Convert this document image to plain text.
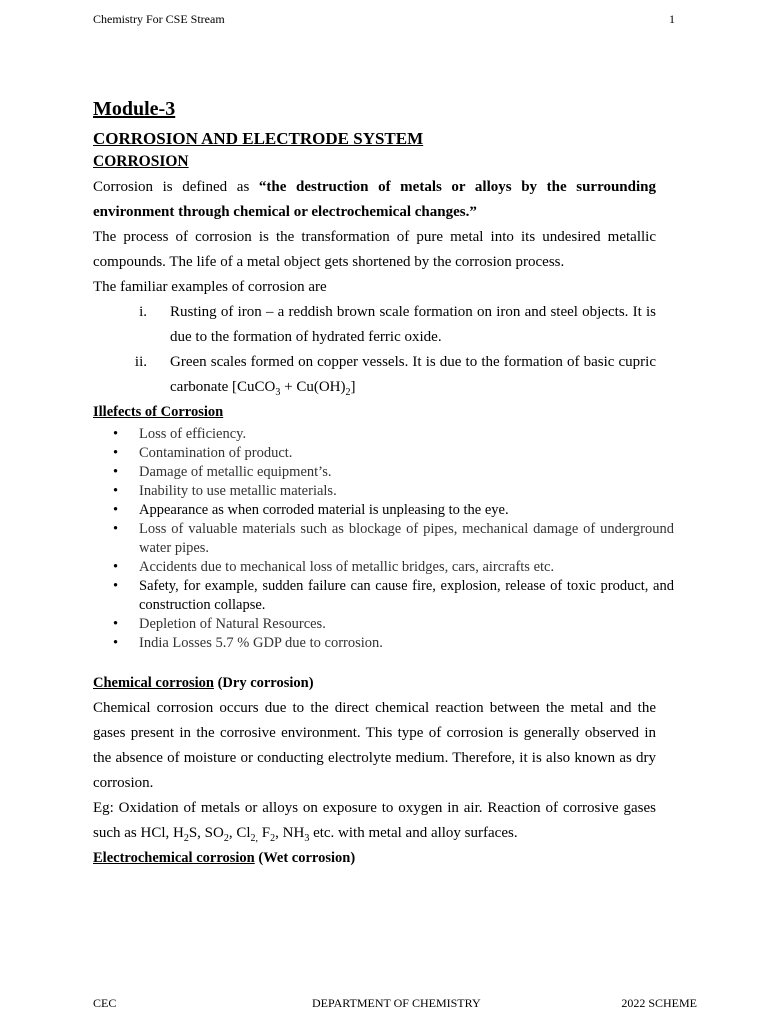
Chemistry For CSE Stream	1
Module-3
CORROSION AND ELECTRODE SYSTEM
CORROSION

Corrosion is defined as “the destruction of metals or alloys by the surrounding environment through chemical or electrochemical changes.”

The process of corrosion is the transformation of pure metal into its undesired metallic compounds. The life of a metal object gets shortened by the corrosion process.

The familiar examples of corrosion are

i. Rusting of iron – a reddish brown scale formation on iron and steel objects. It is due to the formation of hydrated ferric oxide.
ii. Green scales formed on copper vessels. It is due to the formation of basic cupric carbonate [CuCO$_3$ + $Cu(OH)_2$]
Illefects of Corrosion
• Loss of efficiency.
• Contamination of product.
• Damage of metallic equipment’s.
• Inability to use metallic materials.
• Appearance as when corroded material is unpleasing to the eye.
• Loss of valuable materials such as blockage of pipes, mechanical damage of underground water pipes.
• Accidents due to mechanical loss of metallic bridges, cars, aircrafts etc.
• Safety, for example, sudden failure can cause fire, explosion, release of toxic product, and construction collapse.
• Depletion of Natural Resources.
• India Losses 5.7 % GDP due to corrosion.
Chemical corrosion (Dry corrosion)

Chemical corrosion occurs due to the direct chemical reaction between the metal and the gases present in the corrosive environment. This type of corrosion is generally observed in the absence of moisture or conducting electrolyte medium. Therefore, it is also known as dry corrosion.

Eg: Oxidation of metals or alloys on exposure to oxygen in air. Reaction of corrosive gases such as HCl, $H_2S$, $SO_2$, $Cl_{2,}$ $F_2$, $NH_3$ etc. with metal and alloy surfaces.

Electrochemical corrosion (Wet corrosion)
CEC	DEPARTMENT OF CHEMISTRY	2022 SCHEME
